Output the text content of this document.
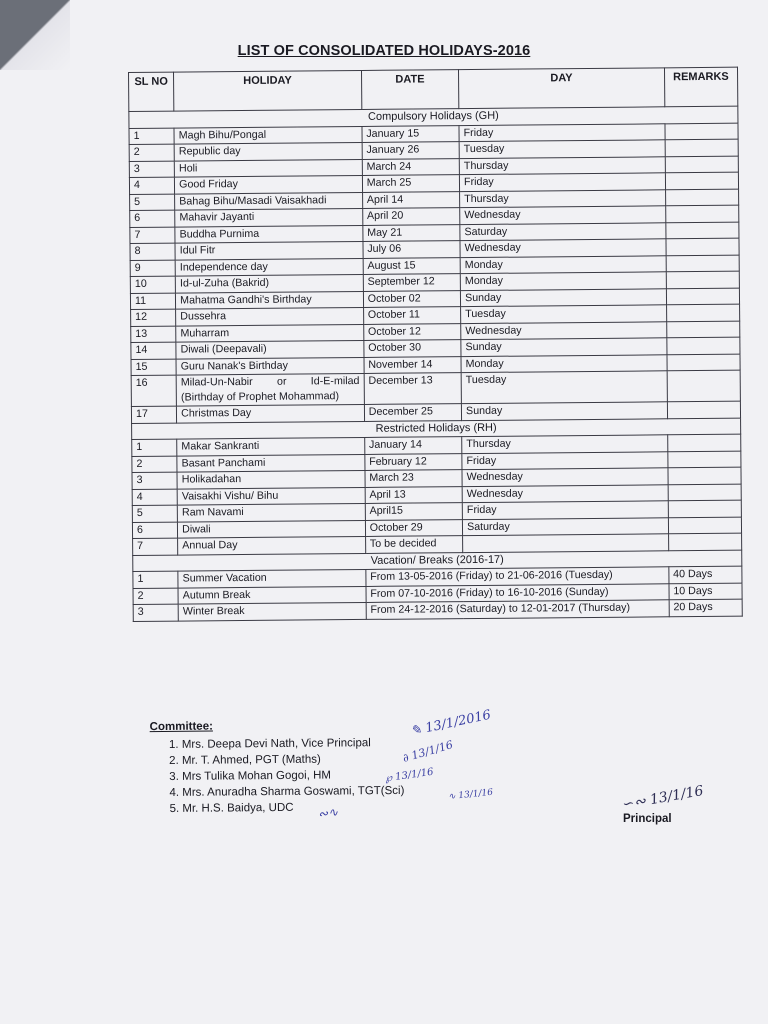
LIST OF CONSOLIDATED HOLIDAYS-2016
SL NO	HOLIDAY	DATE	DAY	REMARKS
Compulsory Holidays (GH)				
1	Magh Bihu/Pongal	January 15	Friday	
2	Republic day	January 26	Tuesday	
3	Holi	March 24	Thursday	
4	Good Friday	March 25	Friday	
5	Bahag Bihu/Masadi Vaisakhadi	April 14	Thursday	
6	Mahavir Jayanti	April 20	Wednesday	
7	Buddha Purnima	May 21	Saturday	
8	Idul Fitr	July 06	Wednesday	
9	Independence day	August 15	Monday	
10	Id-ul-Zuha (Bakrid)	September 12	Monday	
11	Mahatma Gandhi's Birthday	October 02	Sunday	
12	Dussehra	October 11	Tuesday	
13	Muharram	October 12	Wednesday	
14	Diwali (Deepavali)	October 30	Sunday	
15	Guru Nanak's Birthday	November 14	Monday	
16	Milad-Un-Nabir or Id-E-milad (Birthday of Prophet Mohammad)	December 13	Tuesday	
17	Christmas Day	December 25	Sunday	
Restricted Holidays (RH)				
1	Makar Sankranti	January 14	Thursday	
2	Basant Panchami	February 12	Friday	
3	Holikadahan	March 23	Wednesday	
4	Vaisakhi Vishu/ Bihu	April 13	Wednesday	
5	Ram Navami	April15	Friday	
6	Diwali	October 29	Saturday	
7	Annual Day	To be decided		
Vacation/ Breaks (2016-17)				
1	Summer Vacation	From 13-05-2016 (Friday) to 21-06-2016 (Tuesday)		40 Days
2	Autumn Break	From 07-10-2016 (Friday) to 16-10-2016 (Sunday)		10 Days
3	Winter Break	From 24-12-2016 (Saturday) to 12-01-2017 (Thursday)		20 Days
Committee:
1. Mrs. Deepa Devi Nath, Vice Principal
2. Mr. T. Ahmed, PGT (Maths)
3. Mrs Tulika Mohan Gogoi, HM
4. Mrs. Anuradha Sharma Goswami, TGT(Sci)
5. Mr. H.S. Baidya, UDC
✎ 13/1/2016
∂ 13/1/16
℘ 13/1/16
∿ 13/1/16
∾∿
∽∾ 13/1/16
Principal
